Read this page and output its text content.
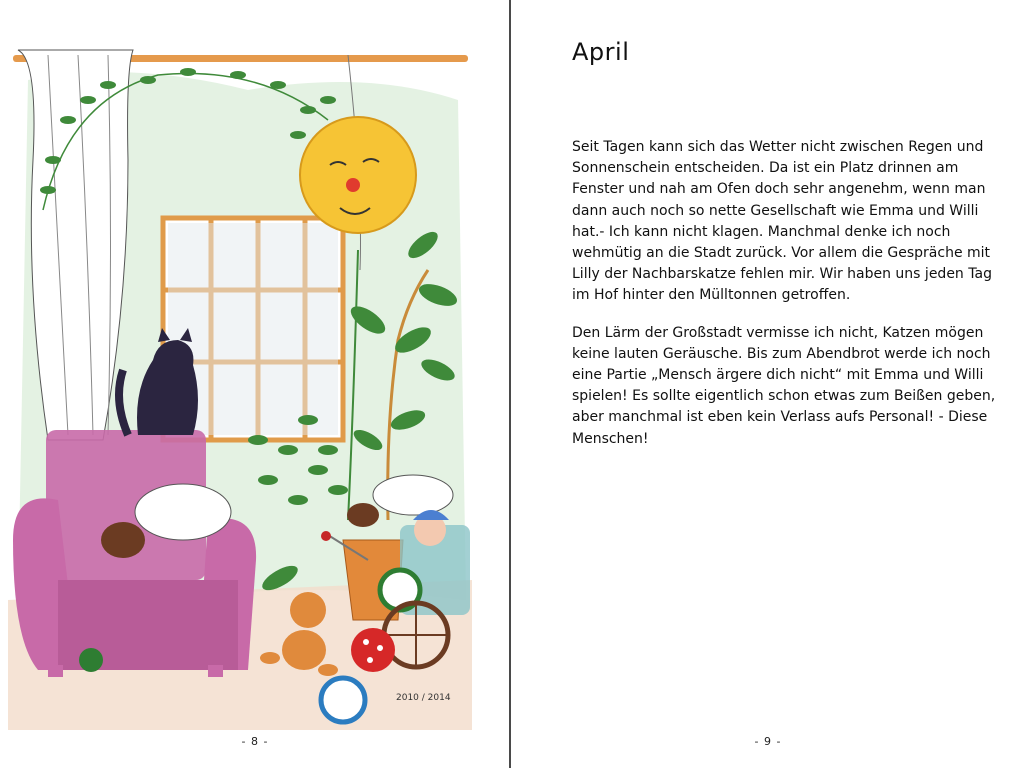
2010 / 2014
- 8 -
April

Seit Tagen kann sich das Wetter nicht zwischen Regen und Sonnenschein entscheiden. Da ist ein Platz drinnen am Fenster und nah am Ofen doch sehr angenehm, wenn man dann auch noch so nette Gesellschaft wie Emma und Willi hat.- Ich kann nicht klagen. Manchmal denke ich noch wehmütig an die Stadt zurück. Vor allem die Gespräche mit Lilly der Nachbarskatze fehlen mir. Wir haben uns jeden Tag im Hof hinter den Mülltonnen getroffen.

Den Lärm der Großstadt vermisse ich nicht, Katzen mögen keine lauten Geräusche. Bis zum Abendbrot werde ich noch eine Partie „Mensch ärgere dich nicht“ mit Emma und Willi spielen! Es sollte eigentlich schon etwas zum Beißen geben, aber manchmal ist eben kein Verlass aufs Personal! - Diese Menschen!

- 9 -
